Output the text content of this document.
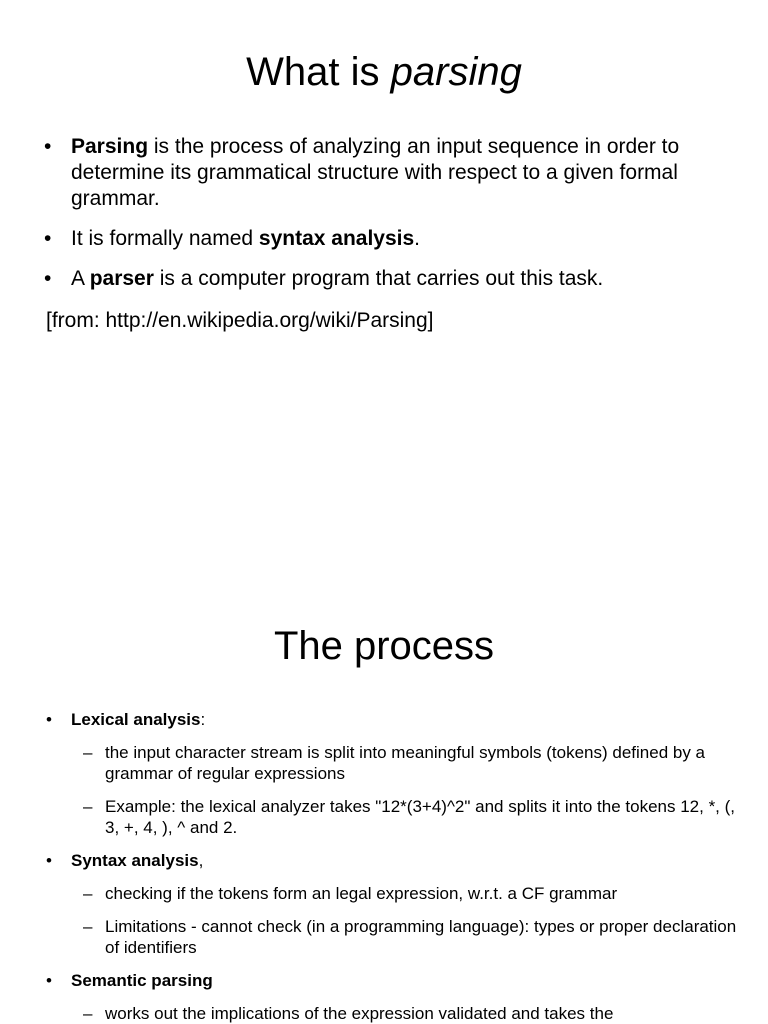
What is parsing
• Parsing is the process of analyzing an input sequence in order to determine its grammatical structure with respect to a given formal grammar.
• It is formally named syntax analysis.
• A parser is a computer program that carries out this task.
[from: http://en.wikipedia.org/wiki/Parsing]
The process
• Lexical analysis:
– the input character stream is split into meaningful symbols (tokens) defined by a grammar of regular expressions
– Example: the lexical analyzer takes "12*(3+4)^2" and splits it into the tokens 12, *, (, 3, +, 4, ), ^ and 2.
• Syntax analysis,
– checking if the tokens form an legal expression, w.r.t. a CF grammar
– Limitations - cannot check (in a programming language): types or proper declaration of identifiers
• Semantic parsing
– works out the implications of the expression validated and takes the
